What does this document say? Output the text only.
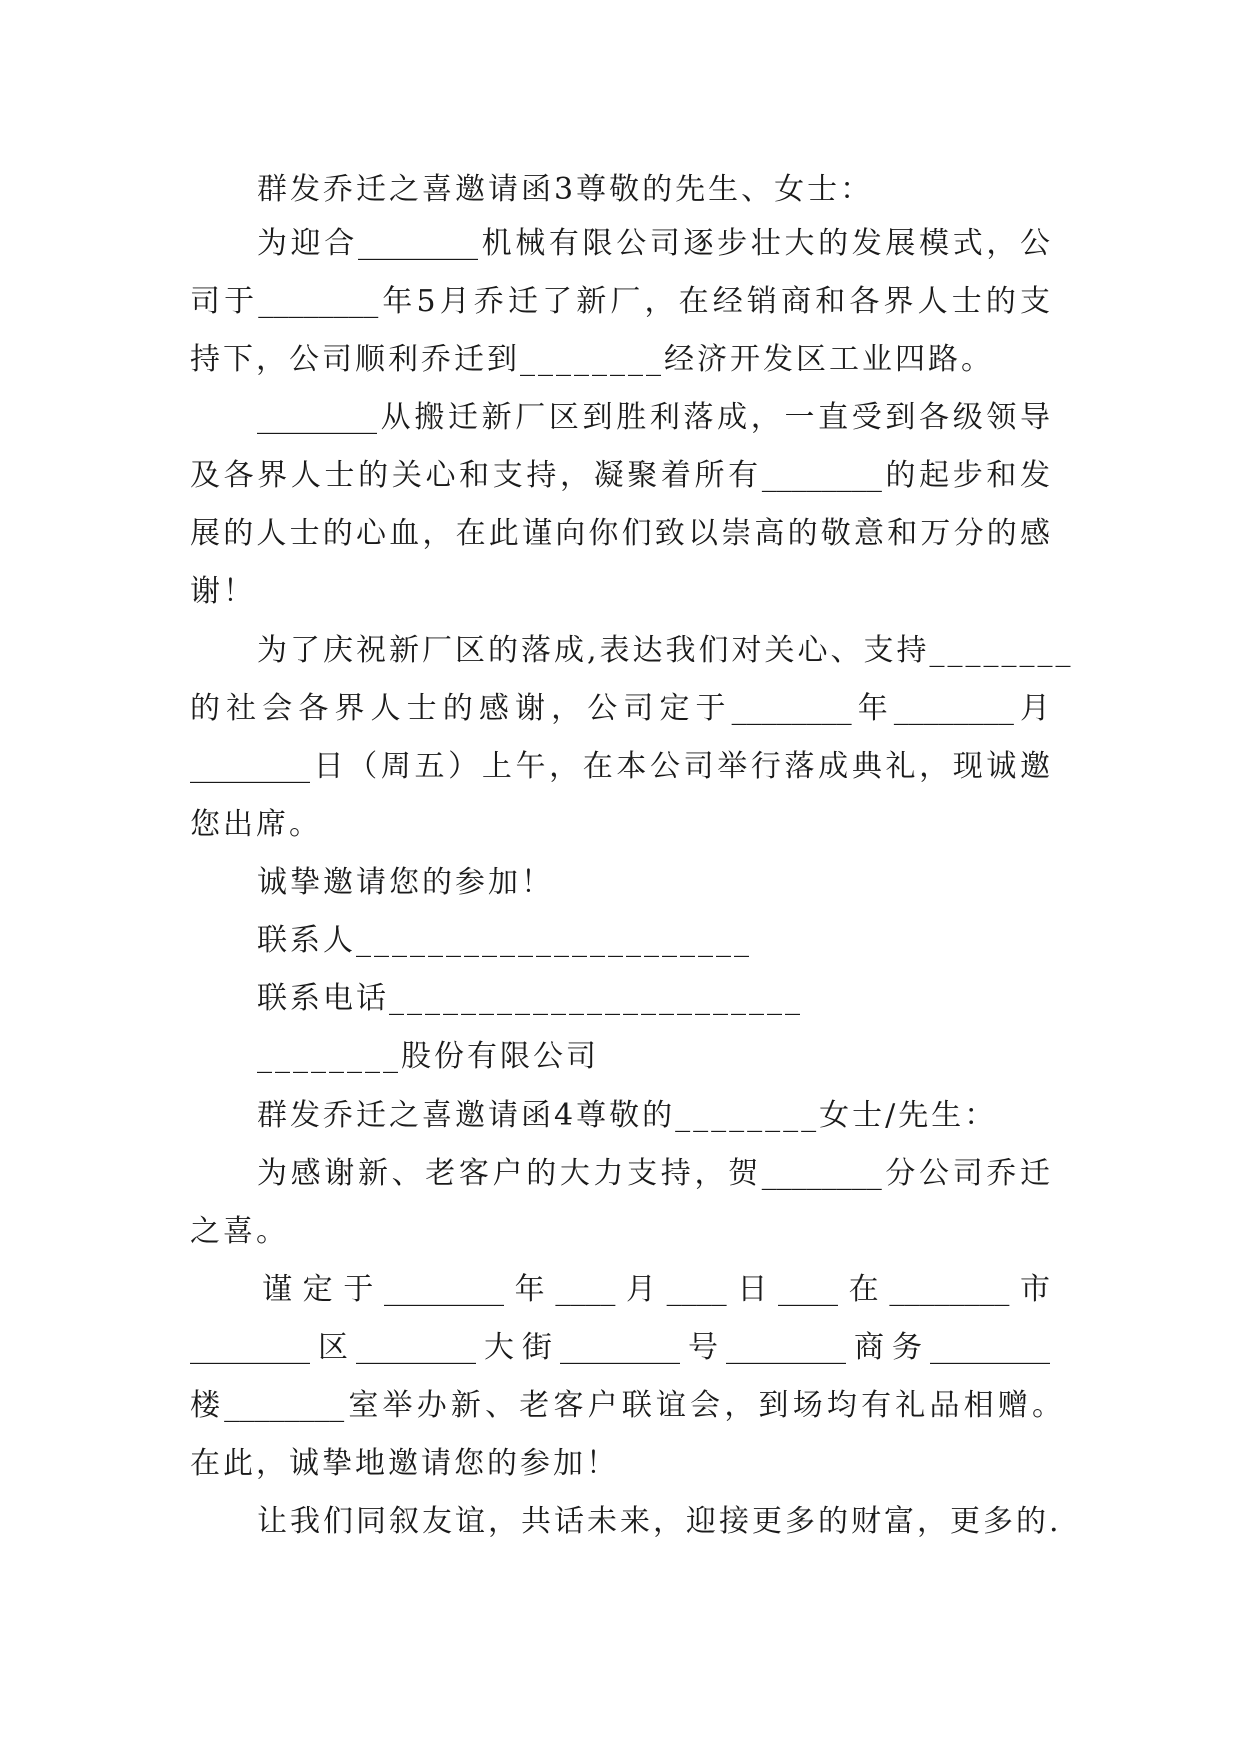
群发乔迁之喜邀请函3尊敬的先生、女士：
为迎合________机械有限公司逐步壮大的发展模式，公
司于________年5月乔迁了新厂，在经销商和各界人士的支
持下，公司顺利乔迁到________经济开发区工业四路。
________从搬迁新厂区到胜利落成，一直受到各级领导
及各界人士的关心和支持，凝聚着所有________的起步和发
展的人士的心血，在此谨向你们致以崇高的敬意和万分的感
谢！
为了庆祝新厂区的落成,表达我们对关心、支持________
的社会各界人士的感谢，公司定于________年________月
________日（周五）上午，在本公司举行落成典礼，现诚邀
您出席。
诚挚邀请您的参加！
联系人______________________
联系电话_______________________
________股份有限公司
群发乔迁之喜邀请函4尊敬的________女士/先生：
为感谢新、老客户的大力支持，贺________分公司乔迁
之喜。
谨定于________年____月____日____在________市
________区________大街________号________商务________
楼________室举办新、老客户联谊会，到场均有礼品相赠。
在此，诚挚地邀请您的参加！
让我们同叙友谊，共话未来，迎接更多的财富，更多的.
